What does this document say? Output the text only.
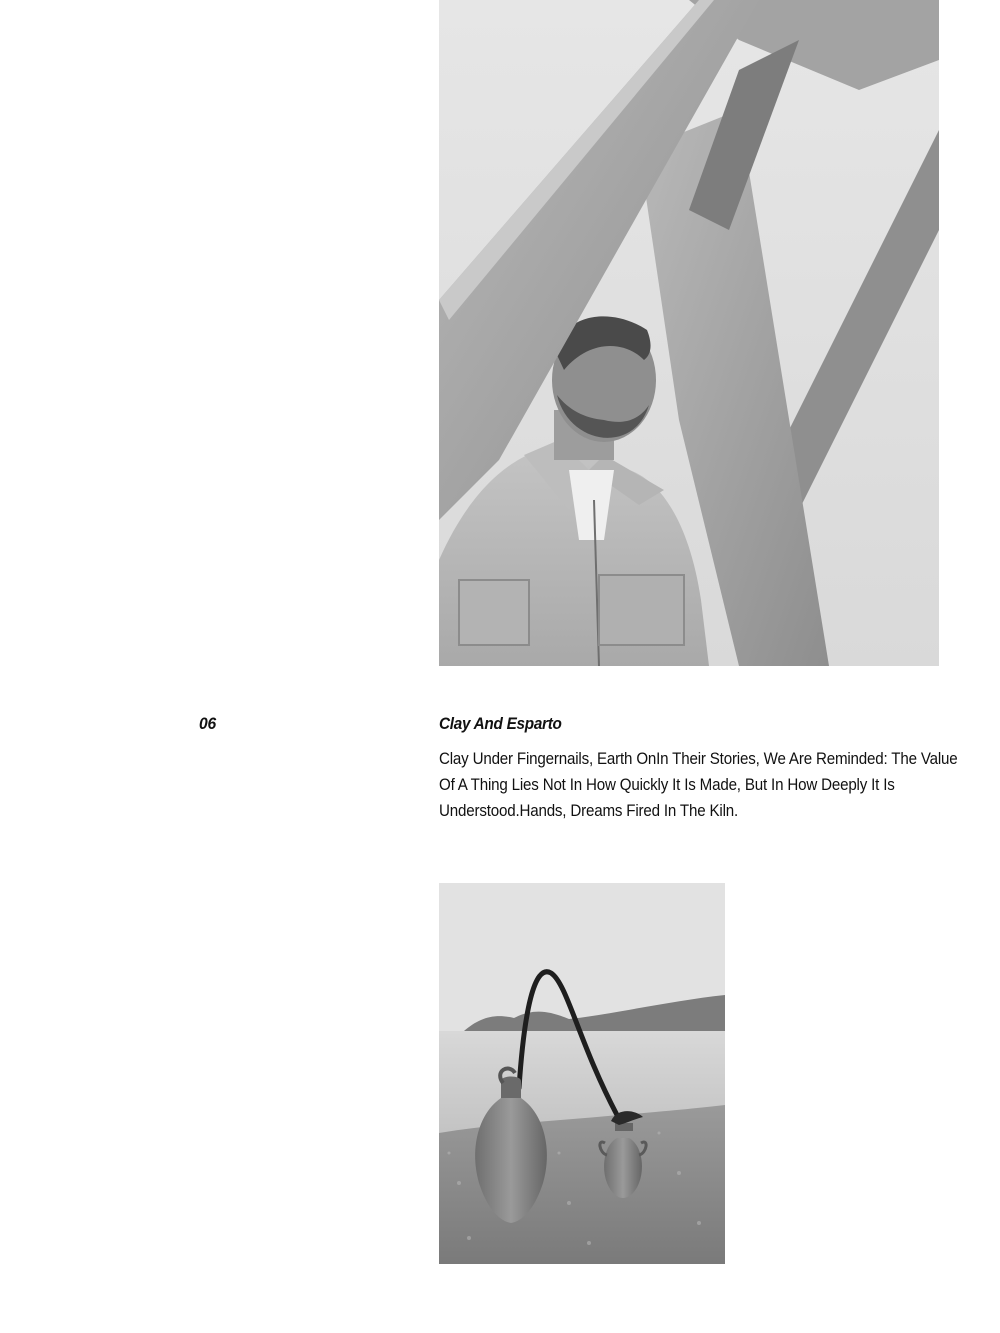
06	Clay And Esparto

Clay Under Fingernails, Earth OnIn Their Stories, We Are Reminded: The Value Of A Thing Lies Not In How Quickly It Is Made, But In How Deeply It Is Understood.Hands, Dreams Fired In The Kiln.
